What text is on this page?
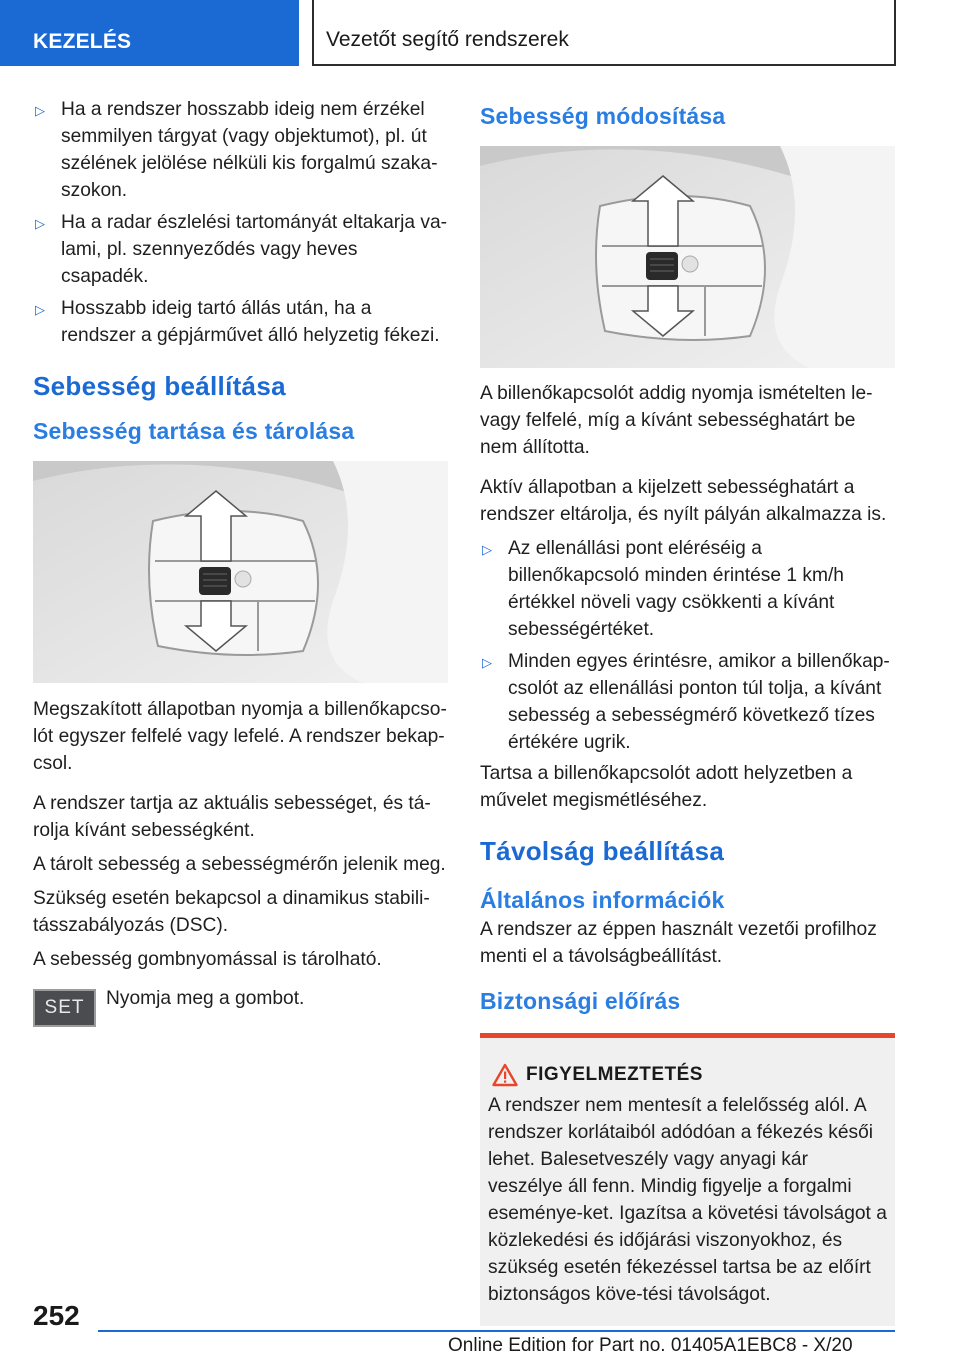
KEZELÉS	Vezetőt segítő rendszerek
▷ Ha a rendszer hosszabb ideig nem érzékel semmilyen tárgyat (vagy objektumot), pl. út szélének jelölése nélküli kis forgalmú szaka-szokon.
▷ Ha a radar észlelési tartományát eltakarja va-lami, pl. szennyeződés vagy heves csapadék.
▷ Hosszabb ideig tartó állás után, ha a rendszer a gépjárművet álló helyzetig fékezi.
Sebesség beállítása
Sebesség tartása és tárolása

Megszakított állapotban nyomja a billenőkapcso-lót egyszer felfelé vagy lefelé. A rendszer bekap-csol.

A rendszer tartja az aktuális sebességet, és tá-rolja kívánt sebességként.

A tárolt sebesség a sebességmérőn jelenik meg.

Szükség esetén bekapcsol a dinamikus stabili-tásszabályozás (DSC).

A sebesség gombnyomással is tárolható.

SET	Nyomja meg a gombot.

Sebesség módosítása

A billenőkapcsolót addig nyomja ismételten le- vagy felfelé, míg a kívánt sebességhatárt be nem állította.

Aktív állapotban a kijelzett sebességhatárt a rendszer eltárolja, és nyílt pályán alkalmazza is.

▷ Az ellenállási pont eléréséig a billenőkapcsoló minden érintése 1 km/h értékkel növeli vagy csökkenti a kívánt sebességértéket.
▷ Minden egyes érintésre, amikor a billenőkap-csolót az ellenállási ponton túl tolja, a kívánt sebesség a sebességmérő következő tízes értékére ugrik.

Tartsa a billenőkapcsolót adott helyzetben a művelet megismétléséhez.

Távolság beállítása
Általános információk

A rendszer az éppen használt vezetői profilhoz menti el a távolságbeállítást.

Biztonsági előírás
FIGYELMEZTETÉS

A rendszer nem mentesít a felelősség alól. A rendszer korlátaiból adódóan a fékezés késői lehet. Balesetveszély vagy anyagi kár veszélye áll fenn. Mindig figyelje a forgalmi eseménye-ket. Igazítsa a követési távolságot a közlekedési és időjárási viszonyokhoz, és szükség esetén fékezéssel tartsa be az előírt biztonságos köve-tési távolságot.

252
Online Edition for Part no. 01405A1EBC8 - X/20
